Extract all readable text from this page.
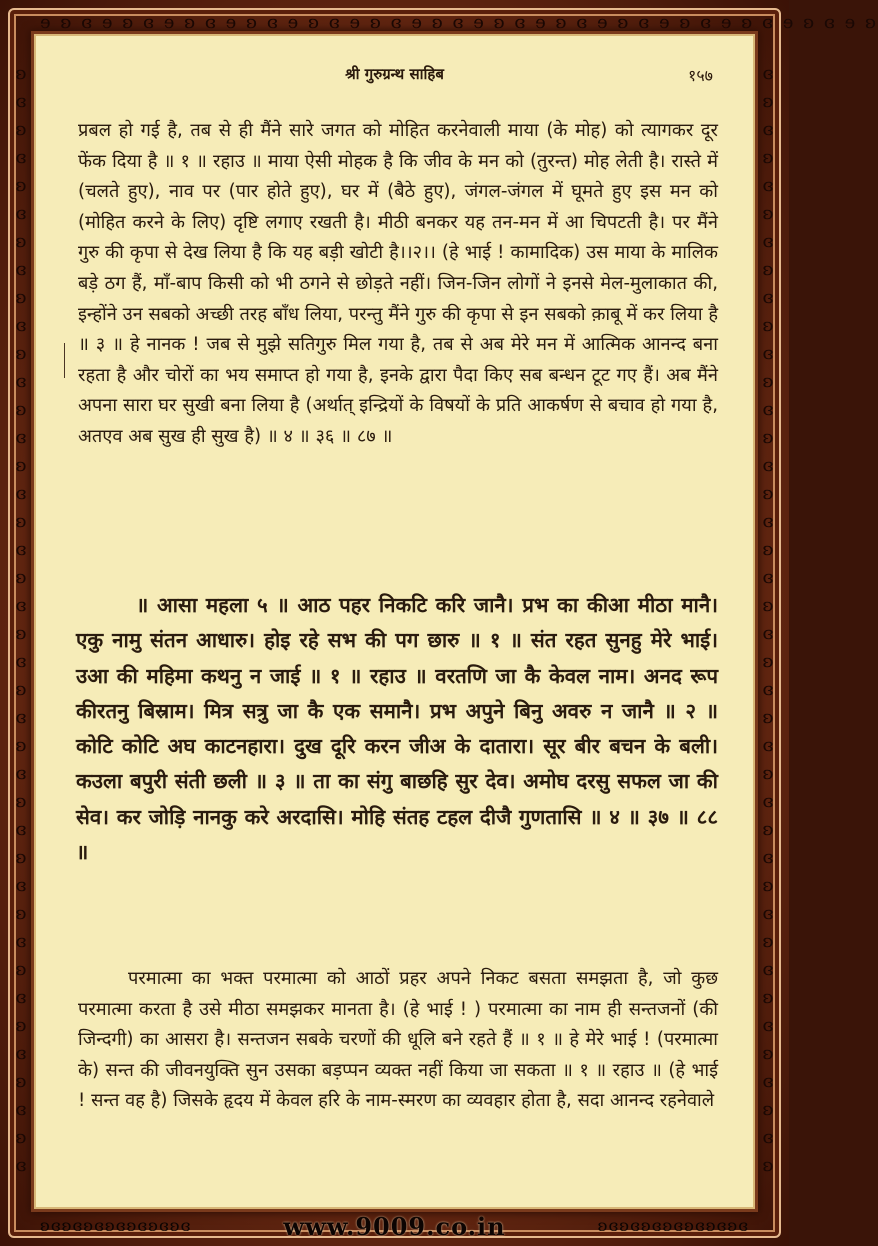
ɘ ʚ ɞ ɘ ʚ ɞ ɘ ʚ ɞ ɘ ʚ ɞ ɘ ʚ ɞ ɘ ʚ ɞ ɘ ʚ ɞ ɘ ʚ ɞ ɘ ʚ ɞ ɘ ʚ ɞ ɘ ʚ ɞ ɘ ʚ ɞ ɘ ʚ ɞ ɘ ʚ
ʚ
ɞ
ʚ
ɞ
ʚ
ɞ
ʚ
ɞ
ʚ
ɞ
ʚ
ɞ
ʚ
ɞ
ʚ
ɞ
ʚ
ɞ
ʚ
ɞ
ʚ
ɞ
ʚ
ɞ
ʚ
ɞ
ʚ
ɞ
ʚ
ɞ
ʚ
ɞ
ʚ
ɞ
ʚ
ɞ
ʚ
ɞ
ʚ
ɞ
ɞ
ʚ
ɞ
ʚ
ɞ
ʚ
ɞ
ʚ
ɞ
ʚ
ɞ
ʚ
ɞ
ʚ
ɞ
ʚ
ɞ
ʚ
ɞ
ʚ
ɞ
ʚ
ɞ
ʚ
ɞ
ʚ
ɞ
ʚ
ɞ
ʚ
ɞ
ʚ
ɞ
ʚ
ɞ
ʚ
ɞ
ʚ
ɞ
ʚ
ʚɞʚɞʚɞʚɞʚɞʚɞʚɞ	www.9009.co.in	ʚɞʚɞʚɞʚɞʚɞʚɞʚɞ
श्री गुरुग्रन्थ साहिब	१५७

प्रबल हो गई है, तब से ही मैंने सारे जगत को मोहित करनेवाली माया (के मोह) को त्यागकर दूर फेंक दिया है ॥ १ ॥ रहाउ ॥ माया ऐसी मोहक है कि जीव के मन को (तुरन्त) मोह लेती है। रास्ते में (चलते हुए), नाव पर (पार होते हुए), घर में (बैठे हुए), जंगल-जंगल में घूमते हुए इस मन को (मोहित करने के लिए) दृष्टि लगाए रखती है। मीठी बनकर यह तन-मन में आ चिपटती है। पर मैंने गुरु की कृपा से देख लिया है कि यह बड़ी खोटी है।।२।। (हे भाई ! कामादिक) उस माया के मालिक बड़े ठग हैं, माँ-बाप किसी को भी ठगने से छोड़ते नहीं। जिन-जिन लोगों ने इनसे मेल-मुलाकात की, इन्होंने उन सबको अच्छी तरह बाँध लिया, परन्तु मैंने गुरु की कृपा से इन सबको क़ाबू में कर लिया है ॥ ३ ॥ हे नानक ! जब से मुझे सतिगुरु मिल गया है, तब से अब मेरे मन में आत्मिक आनन्द बना रहता है और चोरों का भय समाप्त हो गया है, इनके द्वारा पैदा किए सब बन्धन टूट गए हैं। अब मैंने अपना सारा घर सुखी बना लिया है (अर्थात् इन्द्रियों के विषयों के प्रति आकर्षण से बचाव हो गया है, अतएव अब सुख ही सुख है) ॥ ४ ॥ ३६ ॥ ८७ ॥

॥ आसा महला ५ ॥ आठ पहर निकटि करि जानै। प्रभ का कीआ मीठा मानै। एकु नामु संतन आधारु। होइ रहे सभ की पग छारु ॥ १ ॥ संत रहत सुनहु मेरे भाई। उआ की महिमा कथनु न जाई ॥ १ ॥ रहाउ ॥ वरतणि जा कै केवल नाम। अनद रूप कीरतनु बिस्राम। मित्र सत्रु जा कै एक समानै। प्रभ अपुने बिनु अवरु न जानै ॥ २ ॥ कोटि कोटि अघ काटनहारा। दुख दूरि करन जीअ के दातारा। सूर बीर बचन के बली। कउला बपुरी संती छली ॥ ३ ॥ ता का संगु बाछहि सुर देव। अमोघ दरसु सफल जा की सेव। कर जोड़ि नानकु करे अरदासि। मोहि संतह टहल दीजै गुणतासि ॥ ४ ॥ ३७ ॥ ८८ ॥

परमात्मा का भक्त परमात्मा को आठों प्रहर अपने निकट बसता समझता है, जो कुछ परमात्मा करता है उसे मीठा समझकर मानता है। (हे भाई ! ) परमात्मा का नाम ही सन्तजनों (की जिन्दगी) का आसरा है। सन्तजन सबके चरणों की धूलि बने रहते हैं ॥ १ ॥ हे मेरे भाई ! (परमात्मा के) सन्त की जीवनयुक्ति सुन उसका बड़प्पन व्यक्त नहीं किया जा सकता ॥ १ ॥ रहाउ ॥ (हे भाई ! सन्त वह है) जिसके हृदय में केवल हरि के नाम-स्मरण का व्यवहार होता है, सदा आनन्द रहनेवाले
